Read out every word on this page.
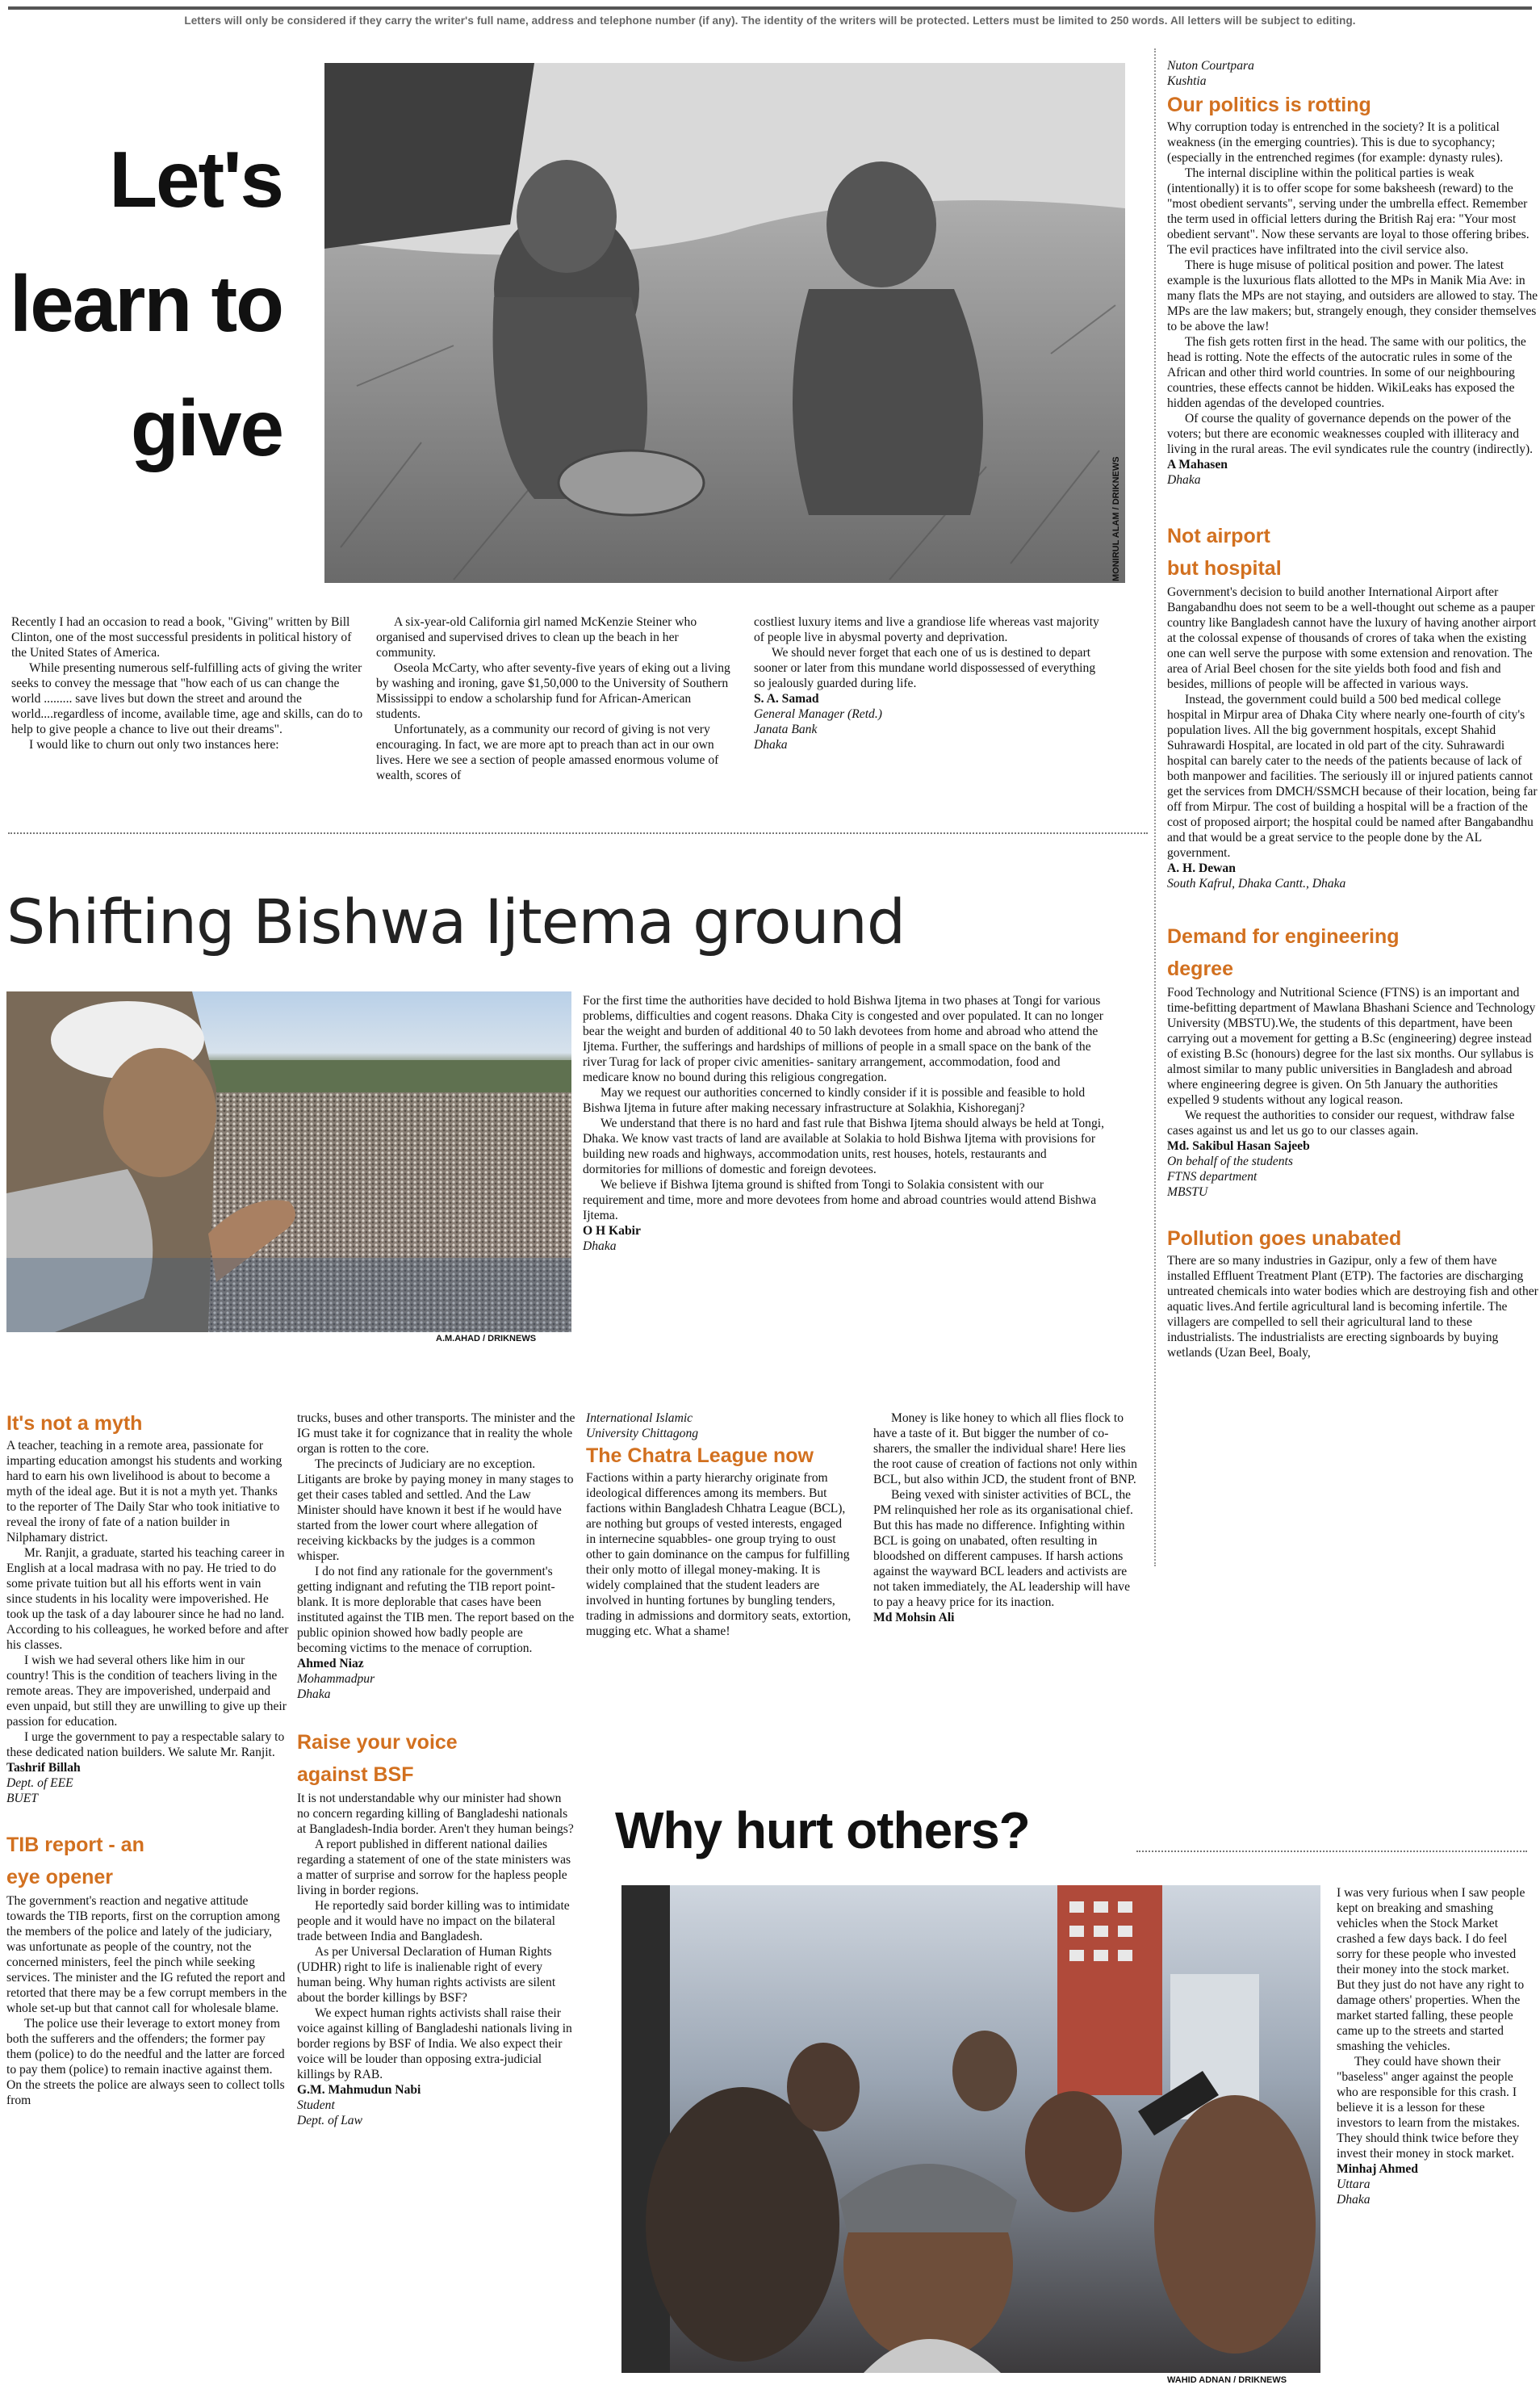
Letters will only be considered if they carry the writer's full name, address and telephone number (if any). The identity of the writers will be protected. Letters must be limited to 250 words. All letters will be subject to editing.
Let's
learn to
give
MONIRUL ALAM / DRIKNEWS

Recently I had an occasion to read a book, "Giving" written by Bill Clinton, one of the most successful presidents in political history of the United States of America.

While presenting numerous self-fulfilling acts of giving the writer seeks to convey the message that "how each of us can change the world ......... save lives but down the street and around the world....regardless of income, available time, age and skills, can do to help to give people a chance to live out their dreams".

I would like to churn out only two instances here:

A six-year-old California girl named McKenzie Steiner who organised and supervised drives to clean up the beach in her community.

Oseola McCarty, who after seventy-five years of eking out a living by washing and ironing, gave $1,50,000 to the University of Southern Mississippi to endow a scholarship fund for African-American students.

Unfortunately, as a community our record of giving is not very encouraging. In fact, we are more apt to preach than act in our own lives. Here we see a section of people amassed enormous volume of wealth, scores of

costliest luxury items and live a grandiose life whereas vast majority of people live in abysmal poverty and deprivation.

We should never forget that each one of us is destined to depart sooner or later from this mundane world dispossessed of everything so jealously guarded during life.

S. A. Samad
General Manager (Retd.)
Janata Bank
Dhaka
Shifting Bishwa Ijtema ground
A.M.AHAD / DRIKNEWS

For the first time the authorities have decided to hold Bishwa Ijtema in two phases at Tongi for various problems, difficulties and cogent reasons. Dhaka City is congested and over populated. It can no longer bear the weight and burden of additional 40 to 50 lakh devotees from home and abroad who attend the Ijtema. Further, the sufferings and hardships of millions of people in a small space on the bank of the river Turag for lack of proper civic amenities- sanitary arrangement, accommodation, food and medicare know no bound during this religious congregation.

May we request our authorities concerned to kindly consider if it is possible and feasible to hold Bishwa Ijtema in future after making necessary infrastructure at Solakhia, Kishoreganj?

We understand that there is no hard and fast rule that Bishwa Ijtema should always be held at Tongi, Dhaka. We know vast tracts of land are available at Solakia to hold Bishwa Ijtema with provisions for building new roads and highways, accommodation units, rest houses, hotels, restaurants and dormitories for millions of domestic and foreign devotees.

We believe if Bishwa Ijtema ground is shifted from Tongi to Solakia consistent with our requirement and time, more and more devotees from home and abroad countries would attend Bishwa Ijtema.

O H Kabir
Dhaka
Nuton Courtpara
Kushtia
Our politics is rotting

Why corruption today is entrenched in the society? It is a political weakness (in the emerging countries). This is due to sycophancy; (especially in the entrenched regimes (for example: dynasty rules).

The internal discipline within the political parties is weak (intentionally) it is to offer scope for some baksheesh (reward) to the "most obedient servants", serving under the umbrella effect. Remember the term used in official letters during the British Raj era: "Your most obedient servant". Now these servants are loyal to those offering bribes. The evil practices have infiltrated into the civil service also.

There is huge misuse of political position and power. The latest example is the luxurious flats allotted to the MPs in Manik Mia Ave: in many flats the MPs are not staying, and outsiders are allowed to stay. The MPs are the law makers; but, strangely enough, they consider themselves to be above the law!

The fish gets rotten first in the head. The same with our politics, the head is rotting. Note the effects of the autocratic rules in some of the African and other third world countries. In some of our neighbouring countries, these effects cannot be hidden. WikiLeaks has exposed the hidden agendas of the developed countries.

Of course the quality of governance depends on the power of the voters; but there are economic weaknesses coupled with illiteracy and living in the rural areas. The evil syndicates rule the country (indirectly).

A Mahasen
Dhaka
Not airport
but hospital

Government's decision to build another International Airport after Bangabandhu does not seem to be a well-thought out scheme as a pauper country like Bangladesh cannot have the luxury of having another airport at the colossal expense of thousands of crores of taka when the existing one can well serve the purpose with some extension and renovation. The area of Arial Beel chosen for the site yields both food and fish and besides, millions of people will be affected in various ways.

Instead, the government could build a 500 bed medical college hospital in Mirpur area of Dhaka City where nearly one-fourth of city's population lives. All the big government hospitals, except Shahid Suhrawardi Hospital, are located in old part of the city. Suhrawardi hospital can barely cater to the needs of the patients because of lack of both manpower and facilities. The seriously ill or injured patients cannot get the services from DMCH/SSMCH because of their location, being far off from Mirpur. The cost of building a hospital will be a fraction of the cost of proposed airport; the hospital could be named after Bangabandhu and that would be a great service to the people done by the AL government.

A. H. Dewan
South Kafrul, Dhaka Cantt., Dhaka
Demand for engineering
degree

Food Technology and Nutritional Science (FTNS) is an important and time-befitting department of Mawlana Bhashani Science and Technology University (MBSTU).We, the students of this department, have been carrying out a movement for getting a B.Sc (engineering) degree instead of existing B.Sc (honours) degree for the last six months. Our syllabus is almost similar to many public universities in Bangladesh and abroad where engineering degree is given. On 5th January the authorities expelled 9 students without any logical reason.

We request the authorities to consider our request, withdraw false cases against us and let us go to our classes again.

Md. Sakibul Hasan Sajeeb
On behalf of the students
FTNS department
MBSTU
Pollution goes unabated

There are so many industries in Gazipur, only a few of them have installed Effluent Treatment Plant (ETP). The factories are discharging untreated chemicals into water bodies which are destroying fish and other aquatic lives.And fertile agricultural land is becoming infertile. The villagers are compelled to sell their agricultural land to these industrialists. The industrialists are erecting signboards by buying wetlands (Uzan Beel, Boaly,

It's not a myth

A teacher, teaching in a remote area, passionate for imparting education amongst his students and working hard to earn his own livelihood is about to become a myth of the ideal age. But it is not a myth yet. Thanks to the reporter of The Daily Star who took initiative to reveal the irony of fate of a nation builder in Nilphamary district.

Mr. Ranjit, a graduate, started his teaching career in English at a local madrasa with no pay. He tried to do some private tuition but all his efforts went in vain since students in his locality were impoverished. He took up the task of a day labourer since he had no land. According to his colleagues, he worked before and after his classes.

I wish we had several others like him in our country! This is the condition of teachers living in the remote areas. They are impoverished, underpaid and even unpaid, but still they are unwilling to give up their passion for education.

I urge the government to pay a respectable salary to these dedicated nation builders. We salute Mr. Ranjit.

Tashrif Billah
Dept. of EEE
BUET
TIB report - an
eye opener

The government's reaction and negative attitude towards the TIB reports, first on the corruption among the members of the police and lately of the judiciary, was unfortunate as people of the country, not the concerned ministers, feel the pinch while seeking services. The minister and the IG refuted the report and retorted that there may be a few corrupt members in the whole set-up but that cannot call for wholesale blame.

The police use their leverage to extort money from both the sufferers and the offenders; the former pay them (police) to do the needful and the latter are forced to pay them (police) to remain inactive against them. On the streets the police are always seen to collect tolls from

trucks, buses and other transports. The minister and the IG must take it for cognizance that in reality the whole organ is rotten to the core.

The precincts of Judiciary are no exception. Litigants are broke by paying money in many stages to get their cases tabled and settled. And the Law Minister should have known it best if he would have started from the lower court where allegation of receiving kickbacks by the judges is a common whisper.

I do not find any rationale for the government's getting indignant and refuting the TIB report point-blank. It is more deplorable that cases have been instituted against the TIB men. The report based on the public opinion showed how badly people are becoming victims to the menace of corruption.

Ahmed Niaz
Mohammadpur
Dhaka
Raise your voice
against BSF

It is not understandable why our minister had shown no concern regarding killing of Bangladeshi nationals at Bangladesh-India border. Aren't they human beings?

A report published in different national dailies regarding a statement of one of the state ministers was a matter of surprise and sorrow for the hapless people living in border regions.

He reportedly said border killing was to intimidate people and it would have no impact on the bilateral trade between India and Bangladesh.

As per Universal Declaration of Human Rights (UDHR) right to life is inalienable right of every human being. Why human rights activists are silent about the border killings by BSF?

We expect human rights activists shall raise their voice against killing of Bangladeshi nationals living in border regions by BSF of India. We also expect their voice will be louder than opposing extra-judicial killings by RAB.

G.M. Mahmudun Nabi
Student
Dept. of Law
International Islamic
University Chittagong
The Chatra League now

Factions within a party hierarchy originate from ideological differences among its members. But factions within Bangladesh Chhatra League (BCL), are nothing but groups of vested interests, engaged in internecine squabbles- one group trying to oust other to gain dominance on the campus for fulfilling their only motto of illegal money-making. It is widely complained that the student leaders are involved in hunting fortunes by bungling tenders, trading in admissions and dormitory seats, extortion, mugging etc. What a shame!

Money is like honey to which all flies flock to have a taste of it. But bigger the number of co-sharers, the smaller the individual share! Here lies the root cause of creation of factions not only within BCL, but also within JCD, the student front of BNP.

Being vexed with sinister activities of BCL, the PM relinquished her role as its organisational chief. But this has made no difference. Infighting within BCL is going on unabated, often resulting in bloodshed on different campuses. If harsh actions against the wayward BCL leaders and activists are not taken immediately, the AL leadership will have to pay a heavy price for its inaction.

Md Mohsin Ali
Why hurt others?
WAHID ADNAN / DRIKNEWS

I was very furious when I saw people kept on breaking and smashing vehicles when the Stock Market crashed a few days back. I do feel sorry for these people who invested their money into the stock market. But they just do not have any right to damage others' properties. When the market started falling, these people came up to the streets and started smashing the vehicles.

They could have shown their "baseless" anger against the people who are responsible for this crash. I believe it is a lesson for these investors to learn from the mistakes. They should think twice before they invest their money in stock market.

Minhaj Ahmed
Uttara
Dhaka
